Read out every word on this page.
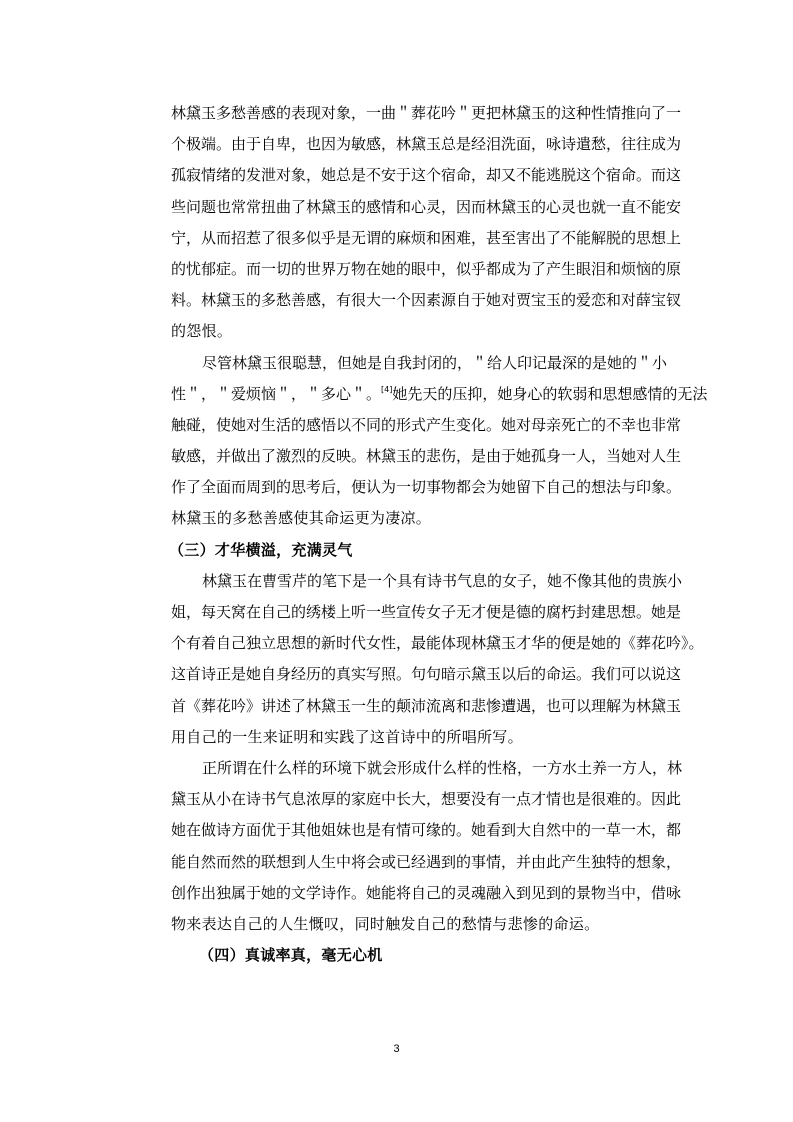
林黛玉多愁善感的表现对象，一曲＂葬花吟＂更把林黛玉的这种性情推向了一
个极端。由于自卑，也因为敏感，林黛玉总是经泪洗面，咏诗遣愁，往往成为
孤寂情绪的发泄对象，她总是不安于这个宿命，却又不能逃脱这个宿命。而这
些问题也常常扭曲了林黛玉的感情和心灵，因而林黛玉的心灵也就一直不能安
宁，从而招惹了很多似乎是无谓的麻烦和困难，甚至害出了不能解脱的思想上
的忧郁症。而一切的世界万物在她的眼中，似乎都成为了产生眼泪和烦恼的原
料。林黛玉的多愁善感，有很大一个因素源自于她对贾宝玉的爱恋和对薛宝钗
的怨恨。
尽管林黛玉很聪慧，但她是自我封闭的，＂给人印记最深的是她的＂小
性＂，＂爱烦恼＂，＂多心＂。[4]她先天的压抑，她身心的软弱和思想感情的无法
触碰，使她对生活的感悟以不同的形式产生变化。她对母亲死亡的不幸也非常
敏感，并做出了激烈的反映。林黛玉的悲伤，是由于她孤身一人，当她对人生
作了全面而周到的思考后，便认为一切事物都会为她留下自己的想法与印象。
林黛玉的多愁善感使其命运更为凄凉。
（三）才华横溢，充满灵气
林黛玉在曹雪芹的笔下是一个具有诗书气息的女子，她不像其他的贵族小
姐，每天窝在自己的绣楼上听一些宣传女子无才便是德的腐朽封建思想。她是
个有着自己独立思想的新时代女性，最能体现林黛玉才华的便是她的《葬花吟》。
这首诗正是她自身经历的真实写照。句句暗示黛玉以后的命运。我们可以说这
首《葬花吟》讲述了林黛玉一生的颠沛流离和悲惨遭遇，也可以理解为林黛玉
用自己的一生来证明和实践了这首诗中的所唱所写。
正所谓在什么样的环境下就会形成什么样的性格，一方水土养一方人，林
黛玉从小在诗书气息浓厚的家庭中长大，想要没有一点才情也是很难的。因此
她在做诗方面优于其他姐妹也是有情可缘的。她看到大自然中的一草一木，都
能自然而然的联想到人生中将会或已经遇到的事情，并由此产生独特的想象，
创作出独属于她的文学诗作。她能将自己的灵魂融入到见到的景物当中，借咏
物来表达自己的人生慨叹，同时触发自己的愁情与悲惨的命运。
（四）真诚率真，毫无心机
3
